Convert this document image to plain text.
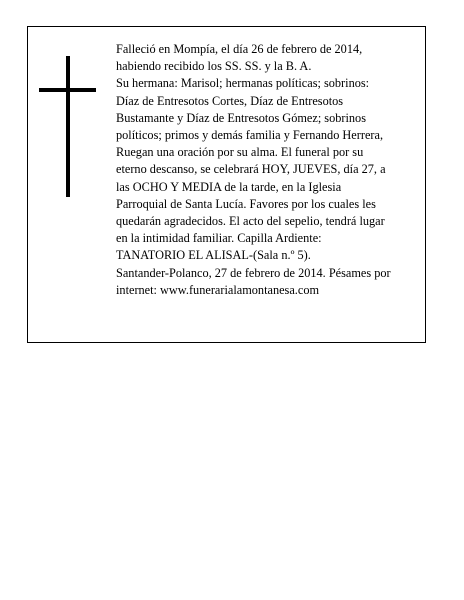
Falleció en Mompía, el día 26 de febrero de 2014,
habiendo recibido los SS. SS. y la B. A.
Su hermana: Marisol; hermanas políticas; sobrinos:
Díaz de Entresotos Cortes, Díaz de Entresotos
Bustamante y Díaz de Entresotos Gómez; sobrinos
políticos; primos y demás familia y Fernando Herrera,
Ruegan una oración por su alma. El funeral por su
eterno descanso, se celebrará HOY, JUEVES, día 27, a
las OCHO Y MEDIA de la tarde, en la Iglesia
Parroquial de Santa Lucía. Favores por los cuales les
quedarán agradecidos. El acto del sepelio, tendrá lugar
en la intimidad familiar. Capilla Ardiente:
TANATORIO EL ALISAL-(Sala n.º 5).
Santander-Polanco, 27 de febrero de 2014. Pésames por
internet: www.funerarialamontanesa.com
